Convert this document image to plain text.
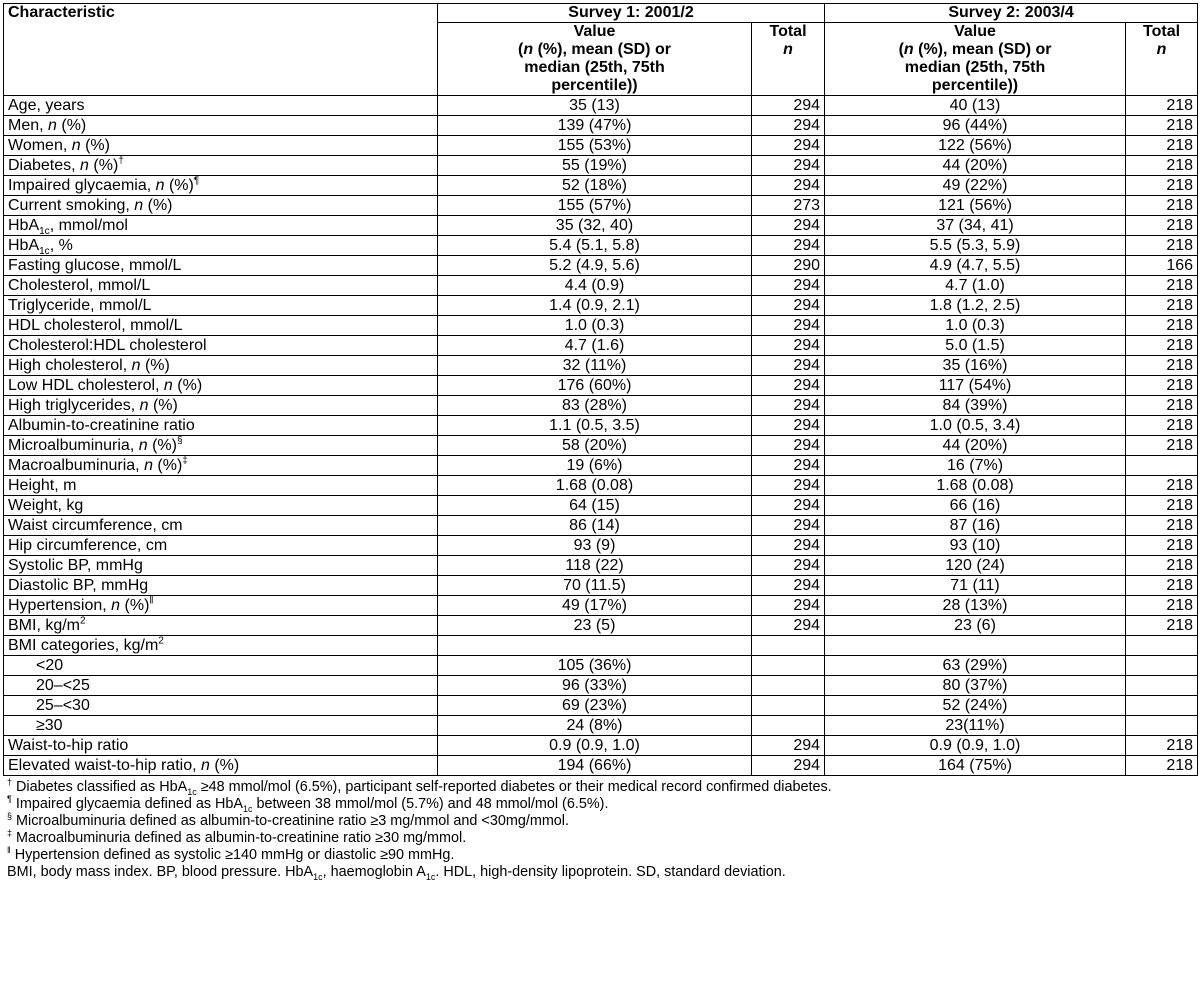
Characteristic	Survey 1: 2001/2		Survey 2: 2003/4	
	Value
(n (%), mean (SD) or
median (25th, 75th
percentile))	Total
n	Value
(n (%), mean (SD) or
median (25th, 75th
percentile))	Total
n
Age, years	35 (13)	294	40 (13)	218
Men, n (%)	139 (47%)	294	96 (44%)	218
Women, n (%)	155 (53%)	294	122 (56%)	218
Diabetes, n (%)†	55 (19%)	294	44 (20%)	218
Impaired glycaemia, n (%)¶	52 (18%)	294	49 (22%)	218
Current smoking, n (%)	155 (57%)	273	121 (56%)	218
HbA$_{1c}$, mmol/mol	35 (32, 40)	294	37 (34, 41)	218
HbA$_{1c}$, %	5.4 (5.1, 5.8)	294	5.5 (5.3, 5.9)	218
Fasting glucose, mmol/L	5.2 (4.9, 5.6)	290	4.9 (4.7, 5.5)	166
Cholesterol, mmol/L	4.4 (0.9)	294	4.7 (1.0)	218
Triglyceride, mmol/L	1.4 (0.9, 2.1)	294	1.8 (1.2, 2.5)	218
HDL cholesterol, mmol/L	1.0 (0.3)	294	1.0 (0.3)	218
Cholesterol:HDL cholesterol	4.7 (1.6)	294	5.0 (1.5)	218
High cholesterol, n (%)	32 (11%)	294	35 (16%)	218
Low HDL cholesterol, n (%)	176 (60%)	294	117 (54%)	218
High triglycerides, n (%)	83 (28%)	294	84 (39%)	218
Albumin-to-creatinine ratio	1.1 (0.5, 3.5)	294	1.0 (0.5, 3.4)	218
Microalbuminuria, n (%)§	58 (20%)	294	44 (20%)	218
Macroalbuminuria, n (%)‡	19 (6%)	294	16 (7%)	
Height, m	1.68 (0.08)	294	1.68 (0.08)	218
Weight, kg	64 (15)	294	66 (16)	218
Waist circumference, cm	86 (14)	294	87 (16)	218
Hip circumference, cm	93 (9)	294	93 (10)	218
Systolic BP, mmHg	118 (22)	294	120 (24)	218
Diastolic BP, mmHg	70 (11.5)	294	71 (11)	218
Hypertension, n (%)‖	49 (17%)	294	28 (13%)	218
BMI, $kg/m^2$	23 (5)	294	23 (6)	218
BMI categories, $kg/m^2$				
<20	105 (36%)		63 (29%)	
20–<25	96 (33%)		80 (37%)	
25–<30	69 (23%)		52 (24%)	
≥30	24 (8%)		23(11%)	
Waist-to-hip ratio	0.9 (0.9, 1.0)	294	0.9 (0.9, 1.0)	218
Elevated waist-to-hip ratio, n (%)	194 (66%)	294	164 (75%)	218
† Diabetes classified as HbA$_{1c}$ ≥48 mmol/mol (6.5%), participant self-reported diabetes or their medical record confirmed diabetes.
¶ Impaired glycaemia defined as HbA$_{1c}$ between 38 mmol/mol (5.7%) and 48 mmol/mol (6.5%).
§ Microalbuminuria defined as albumin-to-creatinine ratio ≥3 mg/mmol and <30mg/mmol.
‡ Macroalbuminuria defined as albumin-to-creatinine ratio ≥30 mg/mmol.
‖ Hypertension defined as systolic ≥140 mmHg or diastolic ≥90 mmHg.
BMI, body mass index. BP, blood pressure. HbA$_{1c}$, haemoglobin $A_{1c}$. HDL, high-density lipoprotein. SD, standard deviation.
